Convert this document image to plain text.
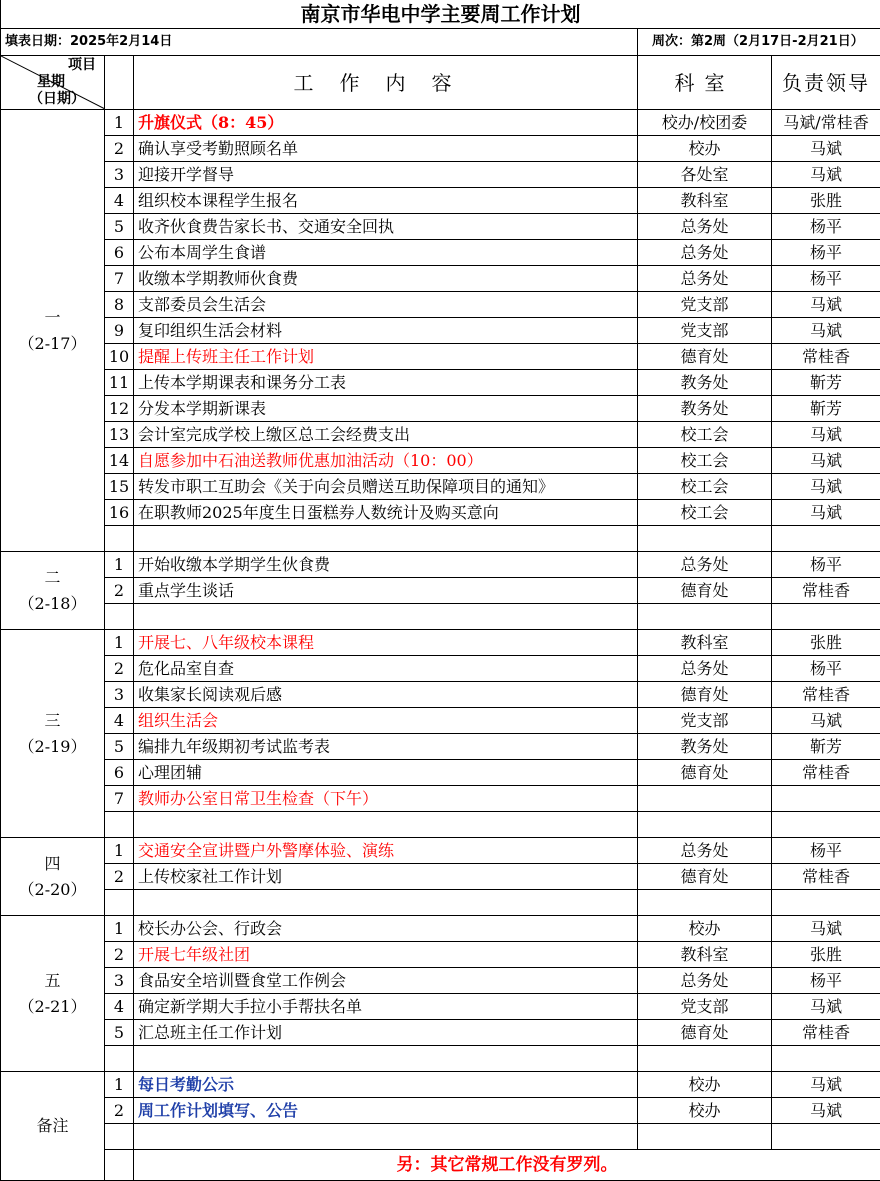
南京市华电中学主要周工作计划				
填表日期：2025年2月14日			周次：第2周（2月17日-2月21日）	

项目
星期
（日期）		工作内容	科室	负责领导

一
（2-17）	1	升旗仪式（8：45）	校办/校团委	马斌/常桂香
	2	确认享受考勤照顾名单	校办	马斌
	3	迎接开学督导	各处室	马斌
	4	组织校本课程学生报名	教科室	张胜
	5	收齐伙食费告家长书、交通安全回执	总务处	杨平
	6	公布本周学生食谱	总务处	杨平
	7	收缴本学期教师伙食费	总务处	杨平
	8	支部委员会生活会	党支部	马斌
	9	复印组织生活会材料	党支部	马斌
	10	提醒上传班主任工作计划	德育处	常桂香
	11	上传本学期课表和课务分工表	教务处	靳芳
	12	分发本学期新课表	教务处	靳芳
	13	会计室完成学校上缴区总工会经费支出	校工会	马斌
	14	自愿参加中石油送教师优惠加油活动（10：00）	校工会	马斌
	15	转发市职工互助会《关于向会员赠送互助保障项目的通知》	校工会	马斌
	16	在职教师2025年度生日蛋糕券人数统计及购买意向	校工会	马斌

二
（2-18）	1	开始收缴本学期学生伙食费	总务处	杨平
	2	重点学生谈话	德育处	常桂香

三
（2-19）	1	开展七、八年级校本课程	教科室	张胜
	2	危化品室自查	总务处	杨平
	3	收集家长阅读观后感	德育处	常桂香
	4	组织生活会	党支部	马斌
	5	编排九年级期初考试监考表	教务处	靳芳
	6	心理团辅	德育处	常桂香
	7	教师办公室日常卫生检查（下午）		

四
（2-20）	1	交通安全宣讲暨户外警摩体验、演练	总务处	杨平
	2	上传校家社工作计划	德育处	常桂香

五
（2-21）	1	校长办公会、行政会	校办	马斌
	2	开展七年级社团	教科室	张胜
	3	食品安全培训暨食堂工作例会	总务处	杨平
	4	确定新学期大手拉小手帮扶名单	党支部	马斌
	5	汇总班主任工作计划	德育处	常桂香

备注	1	每日考勤公示	校办	马斌
	2	周工作计划填写、公告	校办	马斌

		另：其它常规工作没有罗列。		
